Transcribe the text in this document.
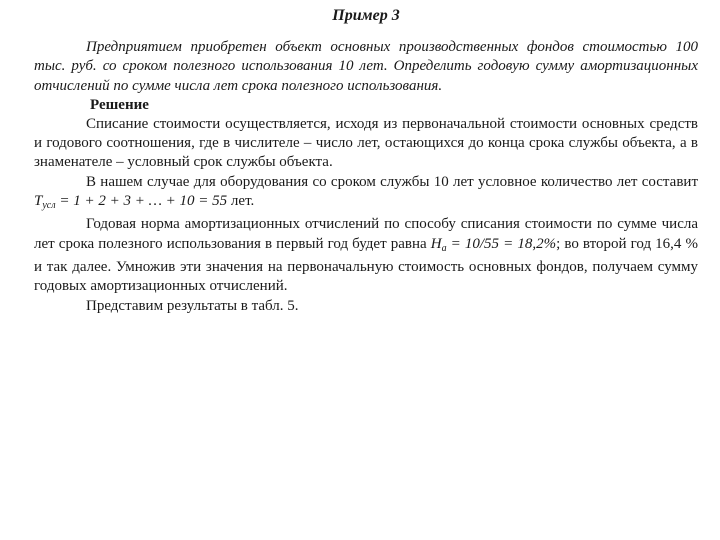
Пример 3

Предприятием приобретен объект основных производственных фондов стоимостью 100 тыс. руб. со сроком полезного использования 10 лет. Определить годовую сумму амортизационных отчислений по сумме числа лет срока полезного использования.

Решение

Списание стоимости осуществляется, исходя из первоначальной стоимости основных средств и годового соотношения, где в числителе – число лет, остающихся до конца срока службы объекта, а в знаменателе – условный срок службы объекта.

В нашем случае для оборудования со сроком службы 10 лет условное количество лет составит $T_{усл} = 1 + 2 + 3$ + … + 10 = 55 лет.

Годовая норма амортизационных отчислений по способу списания стоимости по сумме числа лет срока полезного использования в первый год будет равна $Н_а = 10/55 = 18,2\%$; во второй год 16,4 % и так далее. Умножив эти значения на первоначальную стоимость основных фондов, получаем сумму годовых амортизационных отчислений.

Представим результаты в табл. 5.
